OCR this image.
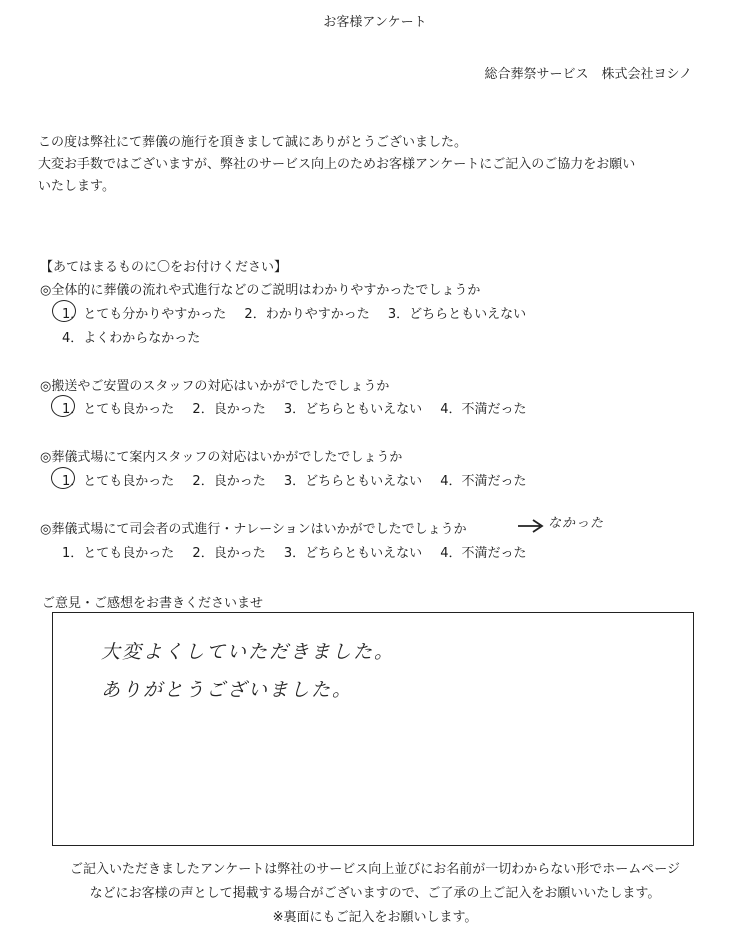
お客様アンケート
総合葬祭サービス　株式会社ヨシノ
この度は弊社にて葬儀の施行を頂きまして誠にありがとうございました。
大変お手数ではございますが、弊社のサービス向上のためお客様アンケートにご記入のご協力をお願い
いたします。
【あてはまるものに〇をお付けください】
◎全体的に葬儀の流れや式進行などのご説明はわかりやすかったでしょうか
1．とても分かりやすかった 2．わかりやすかった 3．どちらともいえない
4．よくわからなかった
◎搬送やご安置のスタッフの対応はいかがでしたでしょうか
1．とても良かった 2．良かった 3．どちらともいえない 4．不満だった
◎葬儀式場にて案内スタッフの対応はいかがでしたでしょうか
1．とても良かった 2．良かった 3．どちらともいえない 4．不満だった
◎葬儀式場にて司会者の式進行・ナレーションはいかがでしたでしょうか	なかった
1．とても良かった 2．良かった 3．どちらともいえない 4．不満だった
ご意見・ご感想をお書きくださいませ
大変よくしていただきました。
ありがとうございました。
ご記入いただきましたアンケートは弊社のサービス向上並びにお名前が一切わからない形でホームページ
などにお客様の声として掲載する場合がございますので、ご了承の上ご記入をお願いいたします。
※裏面にもご記入をお願いします。
